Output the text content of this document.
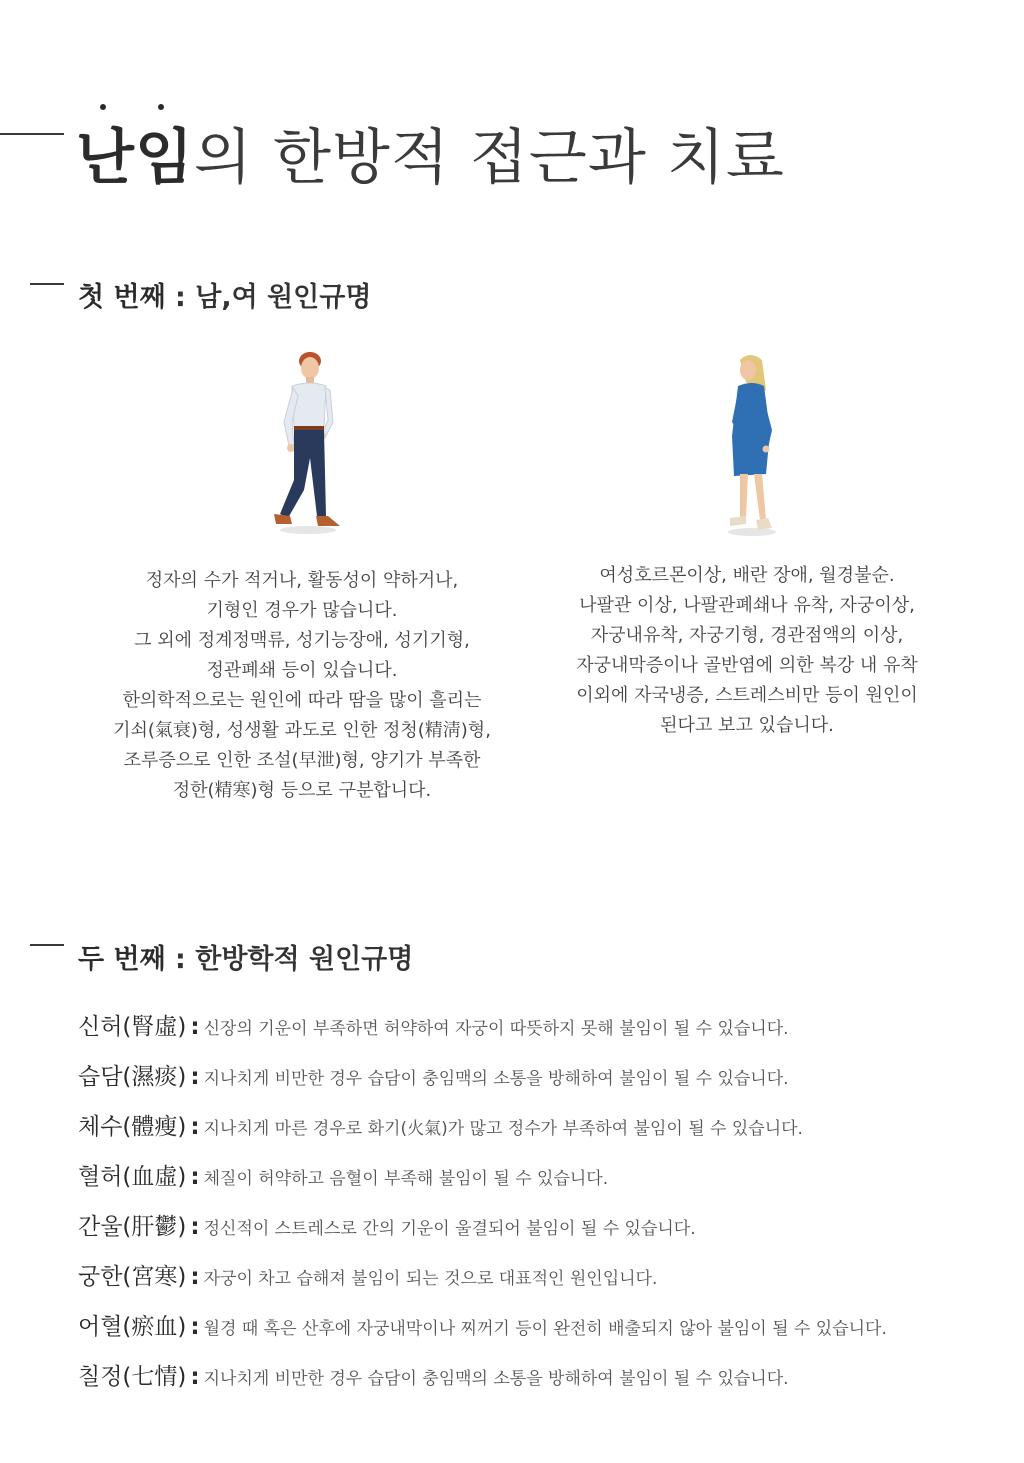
난임의 한방적 접근과 치료
첫 번째 : 남,여 원인규명
정자의 수가 적거나, 활동성이 약하거나,
기형인 경우가 많습니다.
그 외에 정계정맥류, 성기능장애, 성기기형,
정관폐쇄 등이 있습니다.
한의학적으로는 원인에 따라 땀을 많이 흘리는
기쇠(氣衰)형, 성생활 과도로 인한 정청(精淸)형,
조루증으로 인한 조설(早泄)형, 양기가 부족한
정한(精寒)형 등으로 구분합니다.
여성호르몬이상, 배란 장애, 월경불순.
나팔관 이상, 나팔관폐쇄나 유착, 자궁이상,
자궁내유착, 자궁기형, 경관점액의 이상,
자궁내막증이나 골반염에 의한 복강 내 유착
이외에 자국냉증, 스트레스비만 등이 원인이
된다고 보고 있습니다.
두 번째 : 한방학적 원인규명
신허(腎虛) : 신장의 기운이 부족하면 허약하여 자궁이 따뜻하지 못해 불임이 될 수 있습니다.
습담(濕痰) : 지나치게 비만한 경우 습담이 충임맥의 소통을 방해하여 불임이 될 수 있습니다.
체수(體瘦) : 지나치게 마른 경우로 화기(火氣)가 많고 정수가 부족하여 불임이 될 수 있습니다.
혈허(血虛) : 체질이 허약하고 음혈이 부족해 불임이 될 수 있습니다.
간울(肝鬱) : 정신적이 스트레스로 간의 기운이 울결되어 불임이 될 수 있습니다.
궁한(宮寒) : 자궁이 차고 습해져 불임이 되는 것으로 대표적인 원인입니다.
어혈(瘀血) : 월경 때 혹은 산후에 자궁내막이나 찌꺼기 등이 완전히 배출되지 않아 불임이 될 수 있습니다.
칠정(七情) : 지나치게 비만한 경우 습담이 충임맥의 소통을 방해하여 불임이 될 수 있습니다.
